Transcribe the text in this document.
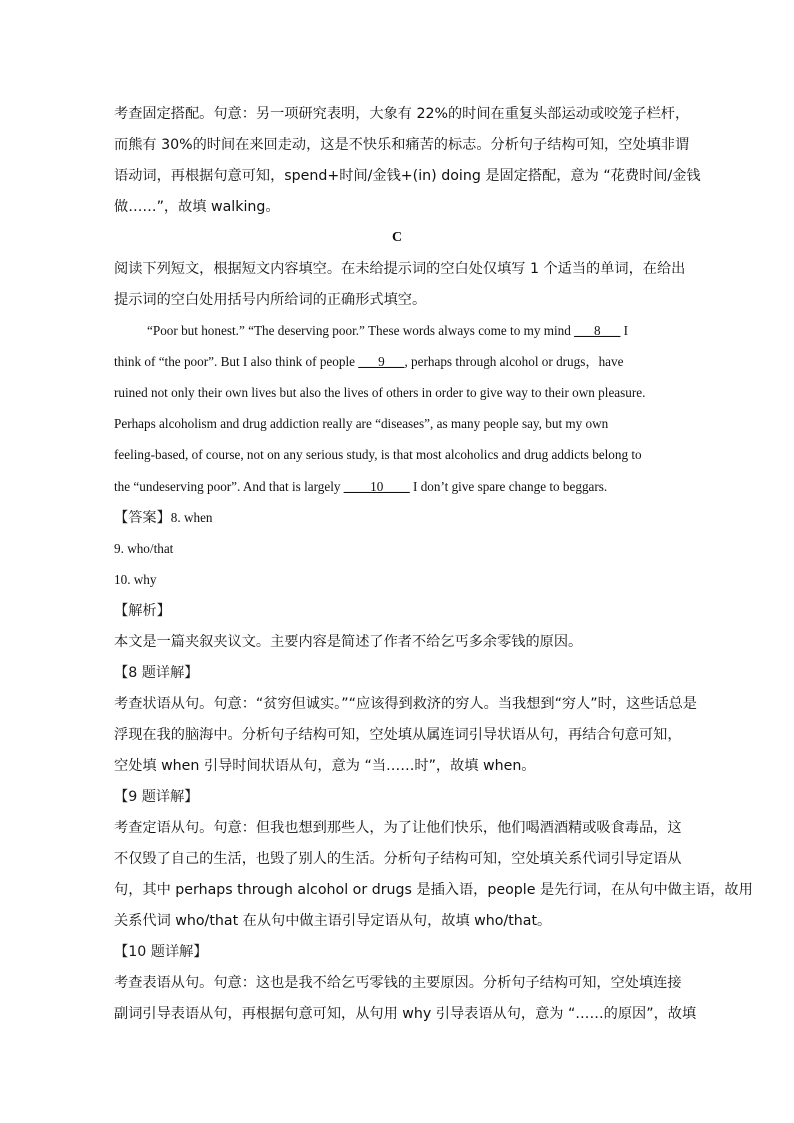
考查固定搭配。句意：另一项研究表明，大象有 22%的时间在重复头部运动或咬笼子栏杆，
而熊有 30%的时间在来回走动，这是不快乐和痛苦的标志。分析句子结构可知，空处填非谓
语动词，再根据句意可知，spend+时间/金钱+(in) doing 是固定搭配，意为 “花费时间/金钱
做……”，故填 walking。
C
阅读下列短文，根据短文内容填空。在未给提示词的空白处仅填写 1 个适当的单词，在给出
提示词的空白处用括号内所给词的正确形式填空。
“Poor but honest.” “The deserving poor.” These words always come to my mind ___8___ I
think of “the poor”. But I also think of people ___9___, perhaps through alcohol or drugs，have
ruined not only their own lives but also the lives of others in order to give way to their own pleasure.
Perhaps alcoholism and drug addiction really are “diseases”, as many people say, but my own
feeling-based, of course, not on any serious study, is that most alcoholics and drug addicts belong to
the “undeserving poor”. And that is largely ____10____ I don’t give spare change to beggars.
【答案】8. when
9. who/that
10. why
【解析】
本文是一篇夹叙夹议文。主要内容是简述了作者不给乞丐多余零钱的原因。
【8 题详解】
考查状语从句。句意：“贫穷但诚实。”“应该得到救济的穷人。当我想到“穷人”时，这些话总是
浮现在我的脑海中。分析句子结构可知，空处填从属连词引导状语从句，再结合句意可知，
空处填 when 引导时间状语从句，意为 “当……时”，故填 when。
【9 题详解】
考查定语从句。句意：但我也想到那些人，为了让他们快乐，他们喝酒酒精或吸食毒品，这
不仅毁了自己的生活，也毁了别人的生活。分析句子结构可知，空处填关系代词引导定语从
句，其中 perhaps through alcohol or drugs 是插入语，people 是先行词，在从句中做主语，故用
关系代词 who/that 在从句中做主语引导定语从句，故填 who/that。
【10 题详解】
考查表语从句。句意：这也是我不给乞丐零钱的主要原因。分析句子结构可知，空处填连接
副词引导表语从句，再根据句意可知，从句用 why 引导表语从句，意为 “……的原因”，故填
